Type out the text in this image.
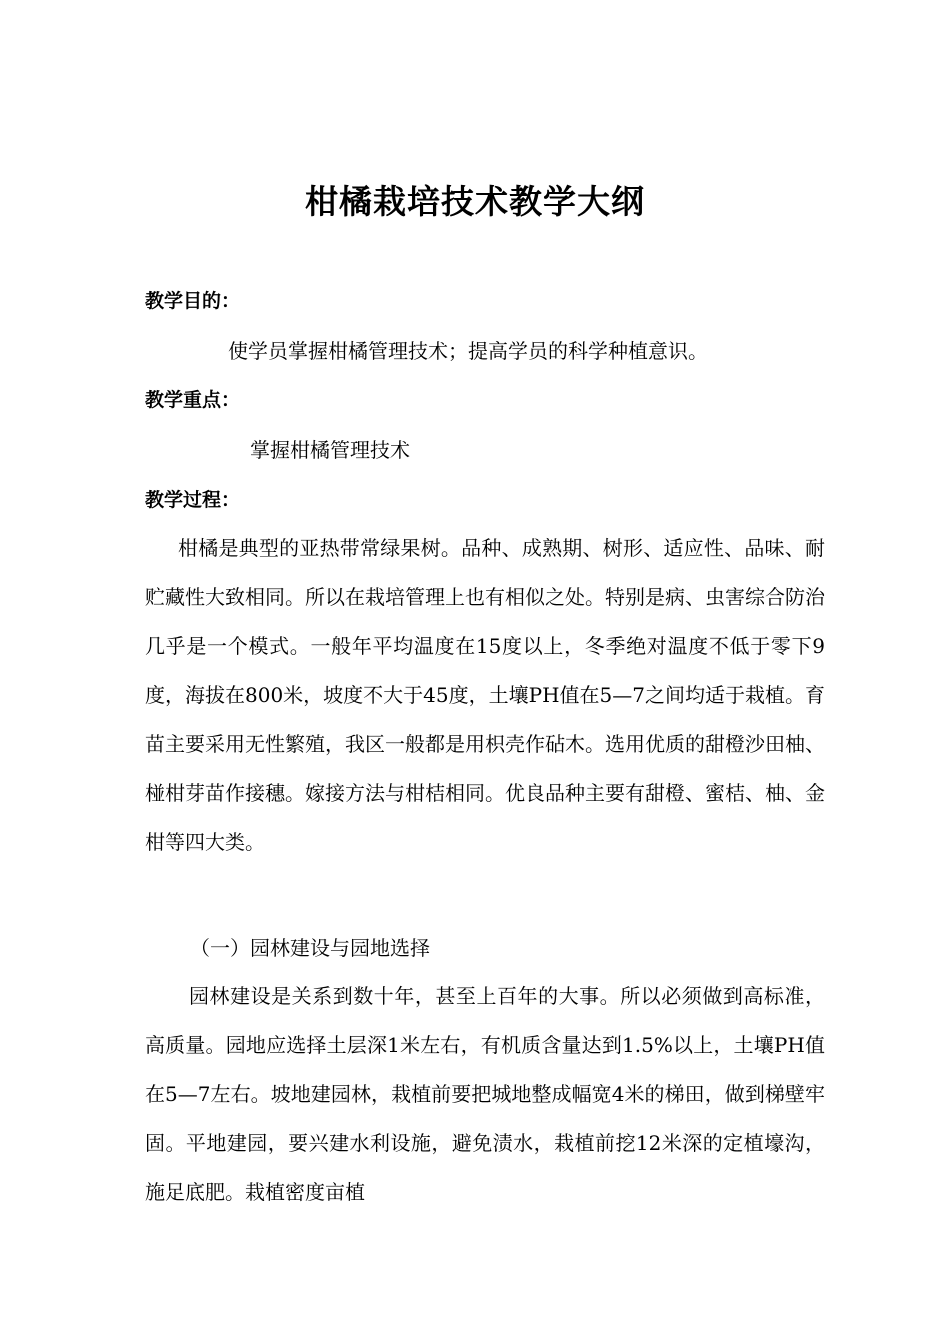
柑橘栽培技术教学大纲
教学目的：
使学员掌握柑橘管理技术；提高学员的科学种植意识。
教学重点：
掌握柑橘管理技术
教学过程：

柑橘是典型的亚热带常绿果树。品种、成熟期、树形、适应性、品味、耐贮藏性大致相同。所以在栽培管理上也有相似之处。特别是病、虫害综合防治几乎是一个模式。一般年平均温度在15度以上，冬季绝对温度不低于零下9度，海拔在800米，坡度不大于45度，土壤PH值在5—7之间均适于栽植。育苗主要采用无性繁殖，我区一般都是用枳壳作砧木。选用优质的甜橙沙田柚、椪柑芽苗作接穗。嫁接方法与柑桔相同。优良品种主要有甜橙、蜜桔、柚、金柑等四大类。

（一）园林建设与园地选择

园林建设是关系到数十年，甚至上百年的大事。所以必须做到高标准，高质量。园地应选择土层深1米左右，有机质含量达到1.5%以上，土壤PH值在5—7左右。坡地建园林，栽植前要把城地整成幅宽4米的梯田，做到梯壁牢固。平地建园，要兴建水利设施，避免渍水，栽植前挖12米深的定植壕沟，施足底肥。栽植密度亩植
